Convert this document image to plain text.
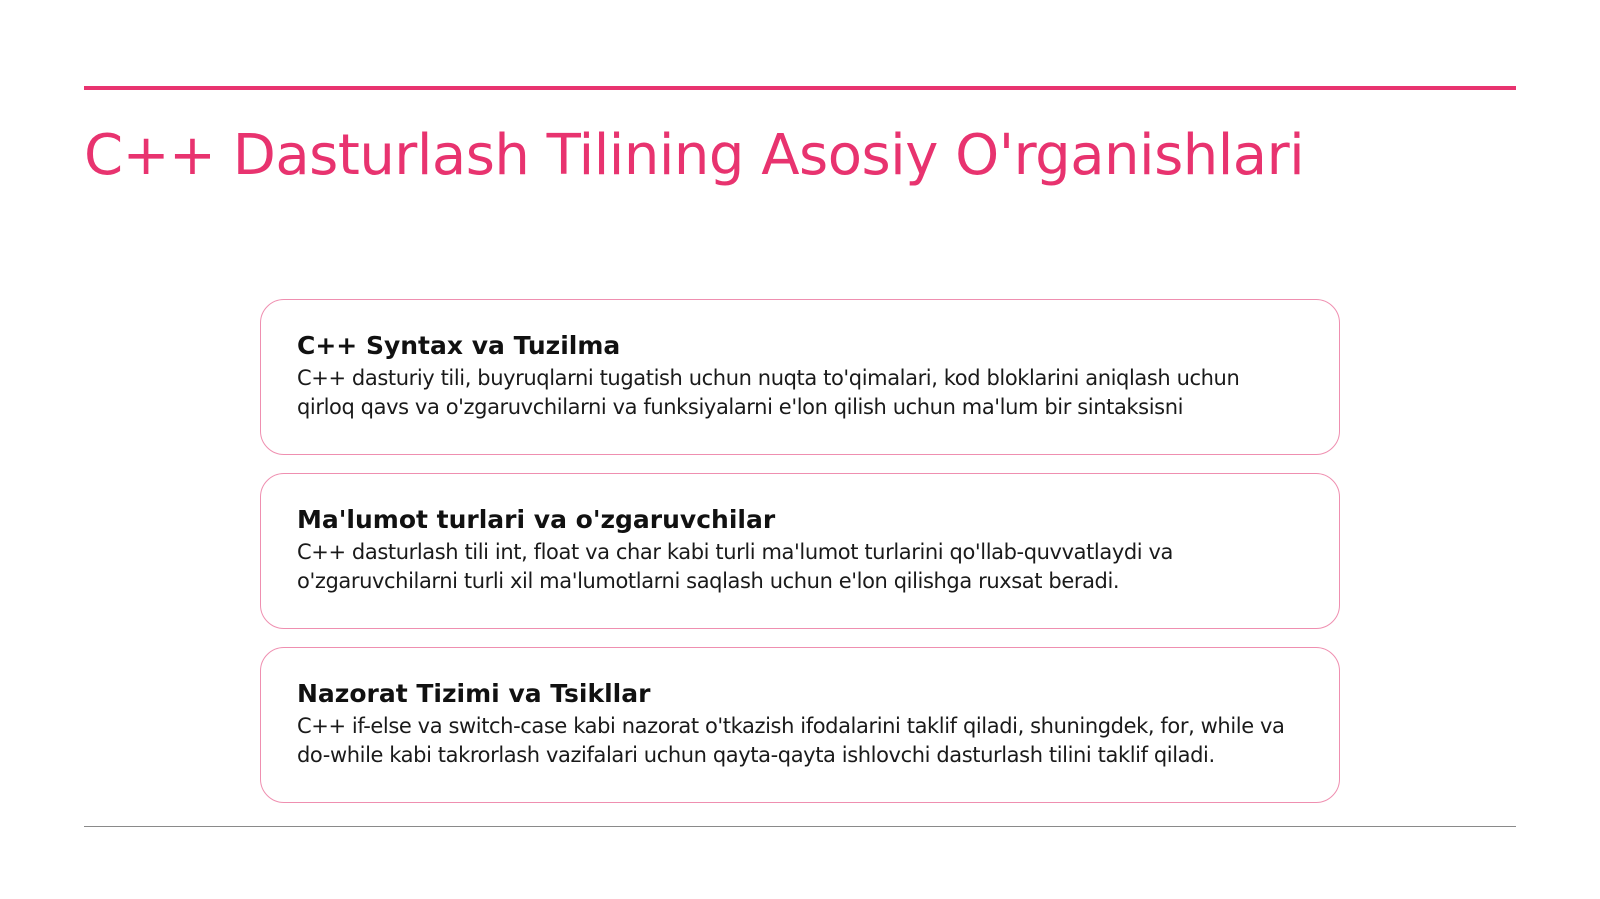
C++ Dasturlash Tilining Asosiy O'rganishlari
C++ Syntax va Tuzilma

C++ dasturiy tili, buyruqlarni tugatish uchun nuqta to'qimalari, kod bloklarini aniqlash uchun qirloq qavs va o'zgaruvchilarni va funksiyalarni e'lon qilish uchun ma'lum bir sintaksisni

Ma'lumot turlari va o'zgaruvchilar

C++ dasturlash tili int, float va char kabi turli ma'lumot turlarini qo'llab-quvvatlaydi va o'zgaruvchilarni turli xil ma'lumotlarni saqlash uchun e'lon qilishga ruxsat beradi.

Nazorat Tizimi va Tsikllar

C++ if-else va switch-case kabi nazorat o'tkazish ifodalarini taklif qiladi, shuningdek, for, while va do-while kabi takrorlash vazifalari uchun qayta-qayta ishlovchi dasturlash tilini taklif qiladi.
